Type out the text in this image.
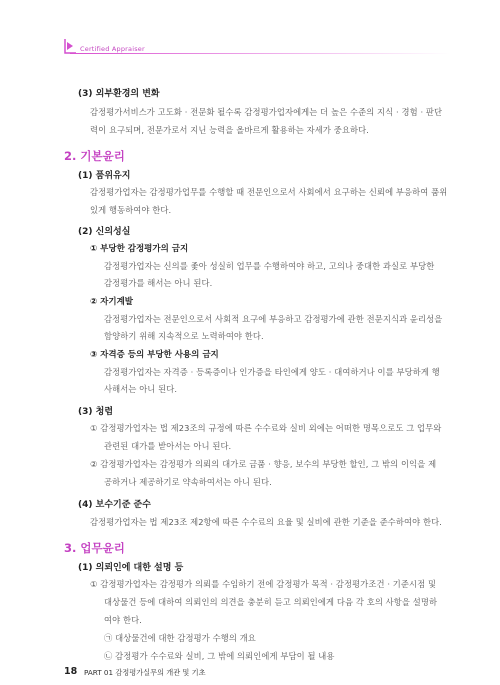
Certified Appraiser
(3) 외부환경의 변화
감정평가서비스가 고도화 · 전문화 될수록 감정평가업자에게는 더 높은 수준의 지식 · 경험 · 판단
력이 요구되며, 전문가로서 지닌 능력을 올바르게 활용하는 자세가 중요하다.
2. 기본윤리
(1) 품위유지
감정평가업자는 감정평가업무를 수행할 때 전문인으로서 사회에서 요구하는 신뢰에 부응하여 품위
있게 행동하여야 한다.
(2) 신의성실
① 부당한 감정평가의 금지
감정평가업자는 신의를 좇아 성실히 업무를 수행하여야 하고, 고의나 중대한 과실로 부당한
감정평가를 해서는 아니 된다.
② 자기계발
감정평가업자는 전문인으로서 사회적 요구에 부응하고 감정평가에 관한 전문지식과 윤리성을
함양하기 위해 지속적으로 노력하여야 한다.
③ 자격증 등의 부당한 사용의 금지
감정평가업자는 자격증 · 등록증이나 인가증을 타인에게 양도 · 대여하거나 이를 부당하게 행
사해서는 아니 된다.
(3) 청렴
① 감정평가업자는 법 제23조의 규정에 따른 수수료와 실비 외에는 어떠한 명목으로도 그 업무와
관련된 대가를 받아서는 아니 된다.
② 감정평가업자는 감정평가 의뢰의 대가로 금품 · 향응, 보수의 부당한 할인, 그 밖의 이익을 제
공하거나 제공하기로 약속하여서는 아니 된다.
(4) 보수기준 준수
감정평가업자는 법 제23조 제2항에 따른 수수료의 요율 및 실비에 관한 기준을 준수하여야 한다.
3. 업무윤리
(1) 의뢰인에 대한 설명 등
① 감정평가업자는 감정평가 의뢰를 수임하기 전에 감정평가 목적 · 감정평가조건 · 기준시점 및
대상물건 등에 대하여 의뢰인의 의견을 충분히 듣고 의뢰인에게 다음 각 호의 사항을 설명하
여야 한다.
㉠ 대상물건에 대한 감정평가 수행의 개요
㉡ 감정평가 수수료와 실비, 그 밖에 의뢰인에게 부담이 될 내용
18 PART 01 감정평가실무의 개관 및 기초
